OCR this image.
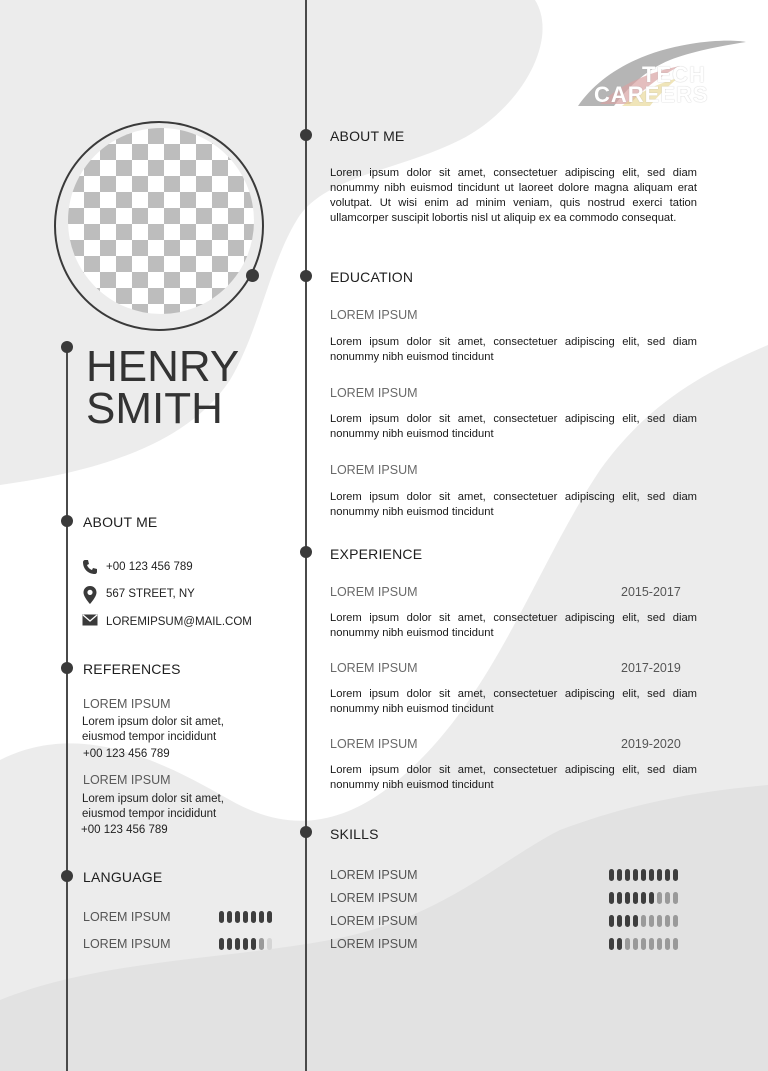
TECH
CAREERS
HENRY
SMITH
ABOUT ME
+00 123 456 789
567 STREET, NY
LOREMIPSUM@MAIL.COM
REFERENCES
LOREM IPSUM
Lorem ipsum dolor sit amet,
eiusmod tempor incididunt
+00 123 456 789
LOREM IPSUM
Lorem ipsum dolor sit amet,
eiusmod tempor incididunt
+00 123 456 789
LANGUAGE
LOREM IPSUM
LOREM IPSUM
ABOUT ME
Lorem ipsum dolor sit amet, consectetuer adipiscing elit, sed diam nonummy nibh euismod tincidunt ut laoreet dolore magna aliquam erat volutpat. Ut wisi enim ad minim veniam, quis nostrud exerci tation ullamcorper suscipit lobortis nisl ut aliquip ex ea commodo consequat.
EDUCATION
LOREM IPSUM
Lorem ipsum dolor sit amet, consectetuer adipiscing elit, sed diam nonummy nibh euismod tincidunt
LOREM IPSUM
Lorem ipsum dolor sit amet, consectetuer adipiscing elit, sed diam nonummy nibh euismod tincidunt
LOREM IPSUM
Lorem ipsum dolor sit amet, consectetuer adipiscing elit, sed diam nonummy nibh euismod tincidunt
EXPERIENCE
LOREM IPSUM	2015-2017
Lorem ipsum dolor sit amet, consectetuer adipiscing elit, sed diam nonummy nibh euismod tincidunt
LOREM IPSUM	2017-2019
Lorem ipsum dolor sit amet, consectetuer adipiscing elit, sed diam nonummy nibh euismod tincidunt
LOREM IPSUM	2019-2020
Lorem ipsum dolor sit amet, consectetuer adipiscing elit, sed diam nonummy nibh euismod tincidunt
SKILLS
LOREM IPSUM
LOREM IPSUM
LOREM IPSUM
LOREM IPSUM
